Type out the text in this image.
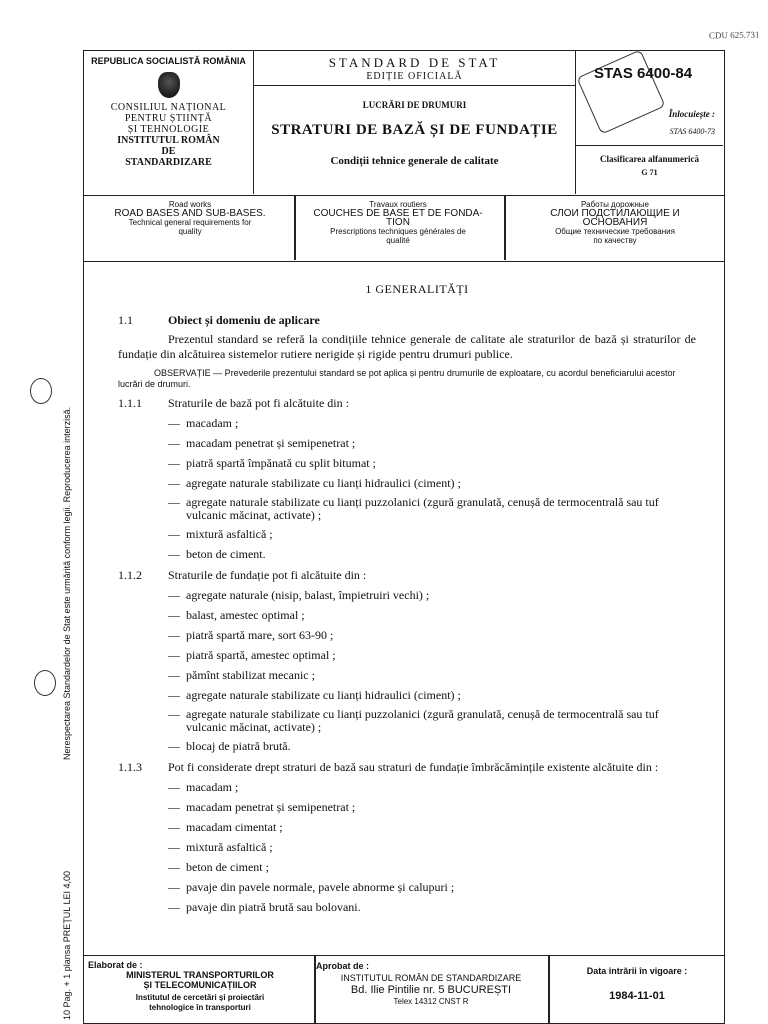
CDU 625.731
REPUBLICA SOCIALISTĂ ROMÂNIA
CONSILIUL NAȚIONAL
PENTRU ȘTIINȚĂ
ȘI TEHNOLOGIE
INSTITUTUL ROMÂN
DE
STANDARDIZARE
STANDARD DE STAT
EDIȚIE OFICIALĂ
LUCRĂRI DE DRUMURI
STRATURI DE BAZĂ ȘI DE FUNDAȚIE
Condiții tehnice generale de calitate
STAS 6400-84
Înlocuiește :
STAS 6400-73
Clasificarea alfanumerică
G 71
Road works
ROAD BASES AND SUB-BASES.
Technical general requirements for
quality
Travaux routiers
COUCHES DE BASE ET DE FONDA-
TION
Prescriptions techniques générales de
qualité
Работы дорожные
СЛОИ ПОДСТИЛАЮЩИЕ И
ОСНОВАНИЯ
Общие технические требования
по качеству
Nerespectarea Standardelor de Stat este urmărită conform legii. Reproducerea interzisă.
10 Pag. + 1 plansa PREȚUL LEI 4,00
1 GENERALITĂȚI
1.1	Obiect și domeniu de aplicare
Prezentul standard se referă la condițiile tehnice generale de calitate ale straturilor de bază și straturilor de fundație din alcătuirea sistemelor rutiere nerigide și rigide pentru drumuri publice.
OBSERVAȚIE — Prevederile prezentului standard se pot aplica și pentru drumurile de exploatare, cu acordul beneficiarului acestor lucrări de drumuri.
1.1.1	Straturile de bază pot fi alcătuite din :
— macadam ;
— macadam penetrat și semipenetrat ;
— piatră spartă împănată cu split bitumat ;
— agregate naturale stabilizate cu lianți hidraulici (ciment) ;
— agregate naturale stabilizate cu lianți puzzolanici (zgură granulată, cenușă de termocentrală sau tuf vulcanic măcinat, activate) ;
— mixtură asfaltică ;
— beton de ciment.
1.1.2	Straturile de fundație pot fi alcătuite din :
— agregate naturale (nisip, balast, împietruiri vechi) ;
— balast, amestec optimal ;
— piatră spartă mare, sort 63-90 ;
— piatră spartă, amestec optimal ;
— pămînt stabilizat mecanic ;
— agregate naturale stabilizate cu lianți hidraulici (ciment) ;
— agregate naturale stabilizate cu lianți puzzolanici (zgură granulată, cenușă de termocentrală sau tuf vulcanic măcinat, activate) ;
— blocaj de piatră brută.
1.1.3	Pot fi considerate drept straturi de bază sau straturi de fundație îmbrăcămințile existente alcătuite din :
— macadam ;
— macadam penetrat și semipenetrat ;
— macadam cimentat ;
— mixtură asfaltică ;
— beton de ciment ;
— pavaje din pavele normale, pavele abnorme și calupuri ;
— pavaje din piatră brută sau bolovani.
Elaborat de :
MINISTERUL TRANSPORTURILOR
ȘI TELECOMUNICAȚIILOR
Institutul de cercetări și proiectări
tehnologice în transporturi
Aprobat de :
INSTITUTUL ROMÂN DE STANDARDIZARE
Bd. Ilie Pintilie nr. 5 BUCUREȘTI
Telex 14312 CNST R
Data intrării în vigoare :
1984-11-01
